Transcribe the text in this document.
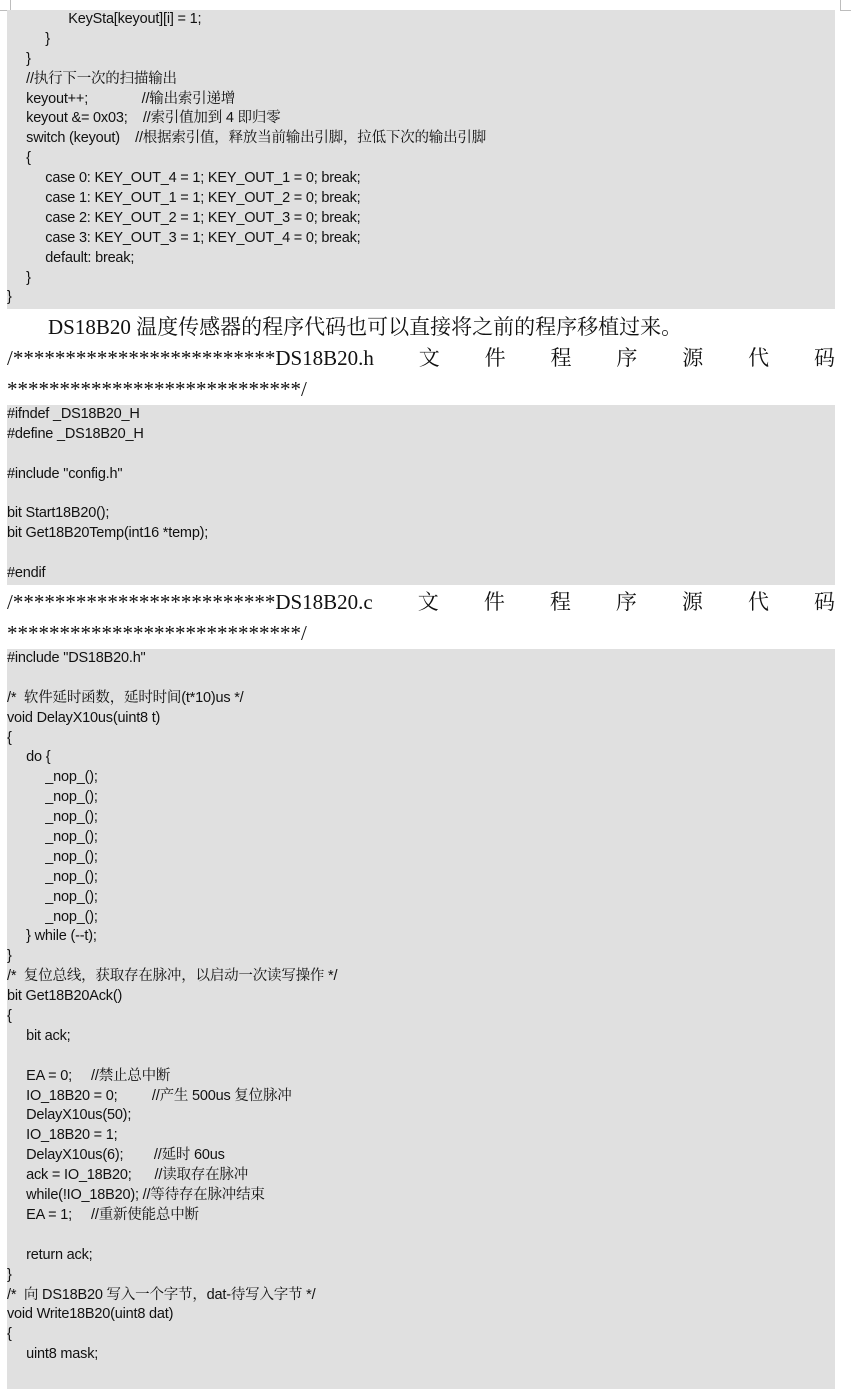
KeySta[keyout][i] = 1;
}
}
//执行下一次的扫描输出
keyout++;              //输出索引递增
keyout &= 0x03;    //索引值加到 4 即归零
switch (keyout)    //根据索引值，释放当前输出引脚，拉低下次的输出引脚
{
case 0: KEY_OUT_4 = 1; KEY_OUT_1 = 0; break;
case 1: KEY_OUT_1 = 1; KEY_OUT_2 = 0; break;
case 2: KEY_OUT_2 = 1; KEY_OUT_3 = 0; break;
case 3: KEY_OUT_3 = 1; KEY_OUT_4 = 0; break;
default: break;
}
}
DS18B20 温度传感器的程序代码也可以直接将之前的程序移植过来。
/*************************DS18B20.h 文 件 程 序 源 代 码
****************************/
#ifndef _DS18B20_H
#define _DS18B20_H
#include "config.h"
bit Start18B20();
bit Get18B20Temp(int16 *temp);
#endif
/*************************DS18B20.c 文 件 程 序 源 代 码
****************************/
#include "DS18B20.h"
/*  软件延时函数，延时时间(t*10)us */
void DelayX10us(uint8 t)
{
do {
_nop_();
_nop_();
_nop_();
_nop_();
_nop_();
_nop_();
_nop_();
_nop_();
} while (--t);
}
/*  复位总线，获取存在脉冲，以启动一次读写操作 */
bit Get18B20Ack()
{
bit ack;
EA = 0;     //禁止总中断
IO_18B20 = 0;         //产生 500us 复位脉冲
DelayX10us(50);
IO_18B20 = 1;
DelayX10us(6);        //延时 60us
ack = IO_18B20;      //读取存在脉冲
while(!IO_18B20); //等待存在脉冲结束
EA = 1;     //重新使能总中断
return ack;
}
/*  向 DS18B20 写入一个字节，dat-待写入字节 */
void Write18B20(uint8 dat)
{
uint8 mask;
